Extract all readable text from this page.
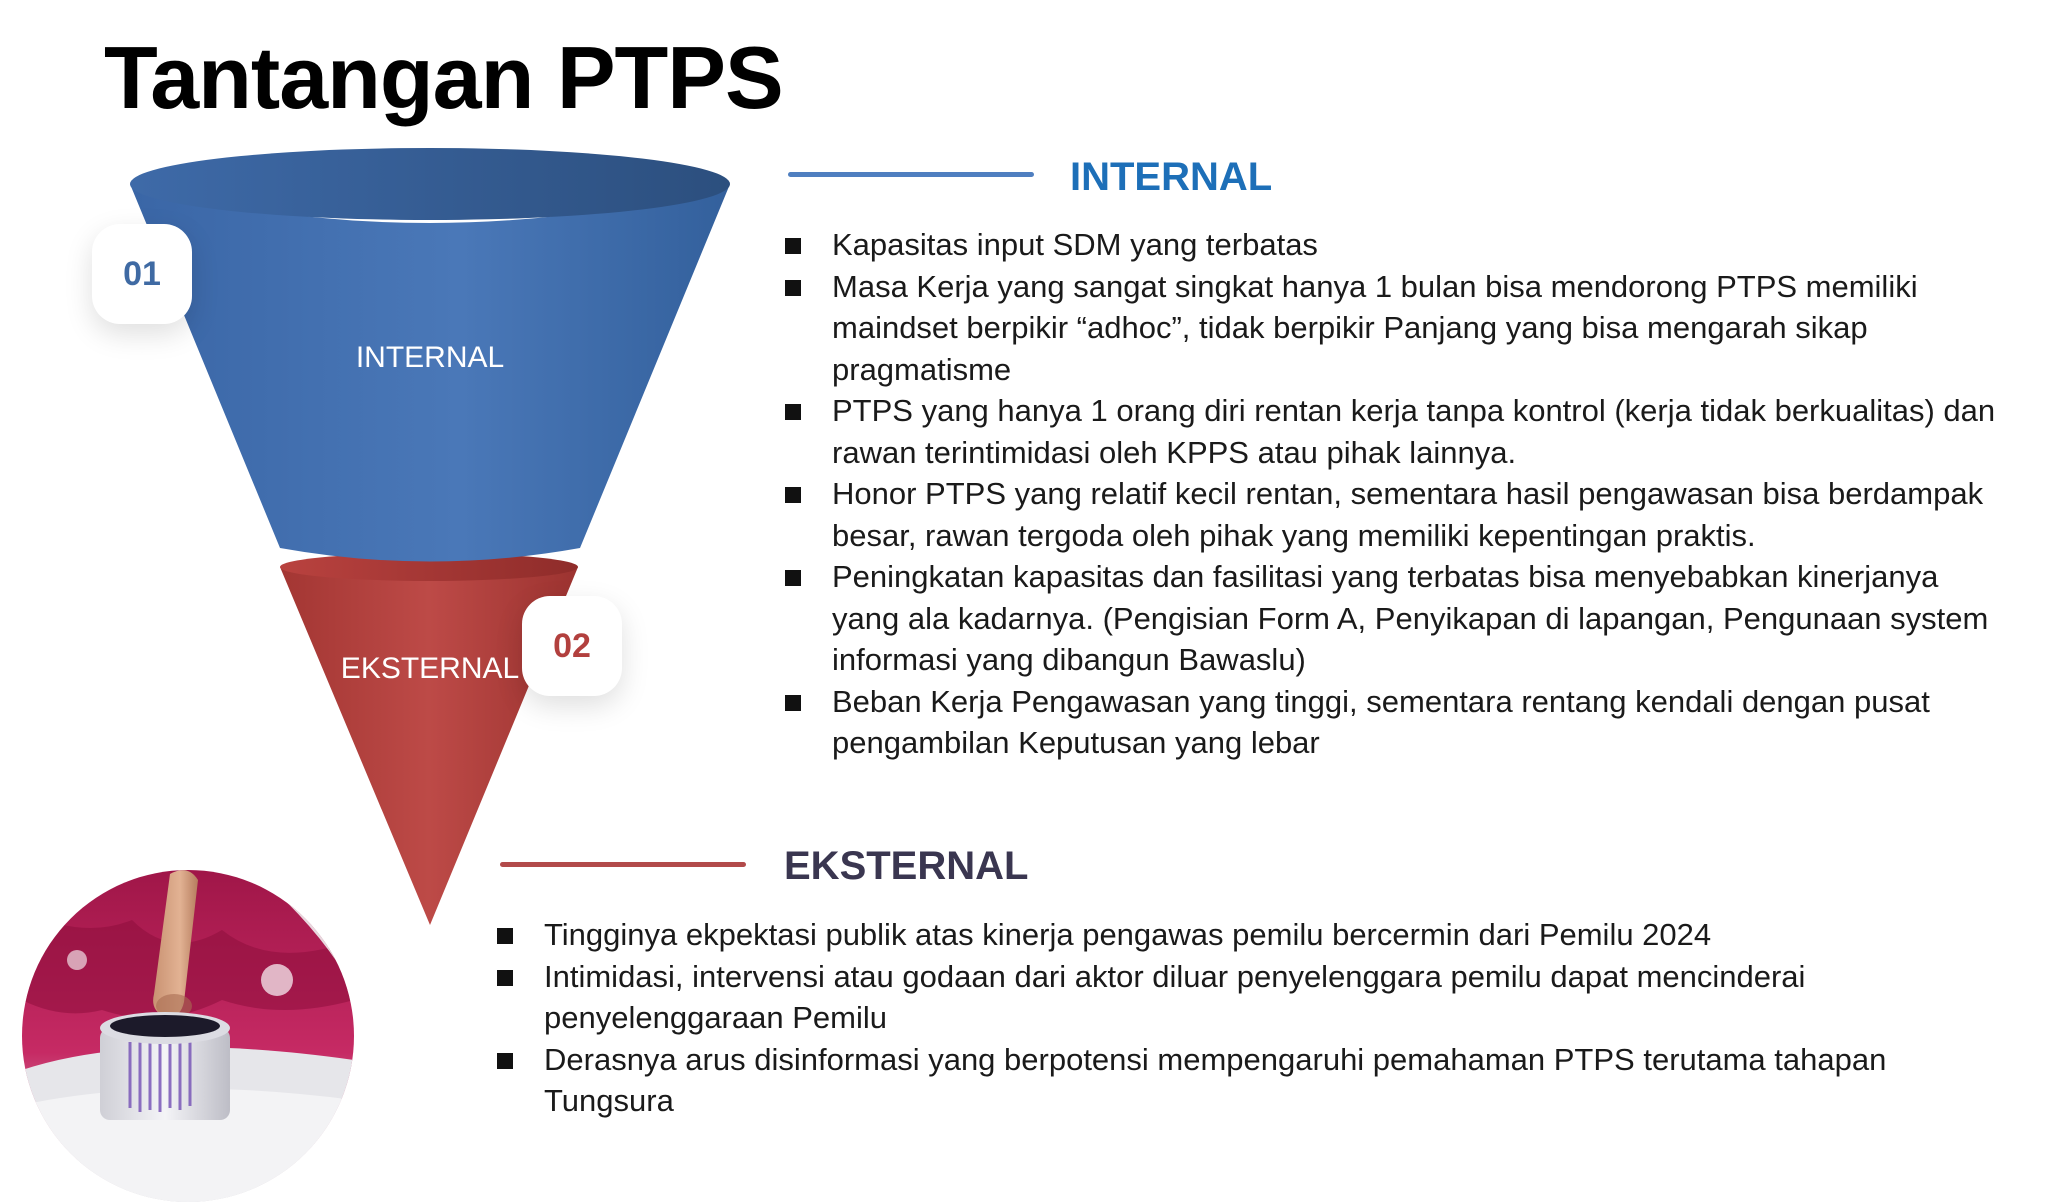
Tantangan PTPS
01
02
INTERNAL
EKSTERNAL
INTERNAL
Kapasitas input SDM yang terbatas
Masa Kerja yang sangat singkat hanya 1 bulan bisa mendorong PTPS memiliki maindset berpikir “adhoc”, tidak berpikir Panjang yang bisa mengarah sikap pragmatisme
PTPS yang hanya 1 orang diri rentan kerja tanpa kontrol (kerja tidak berkualitas) dan rawan terintimidasi oleh KPPS atau pihak lainnya.
Honor PTPS yang relatif kecil rentan, sementara hasil pengawasan bisa berdampak besar, rawan tergoda oleh pihak yang memiliki kepentingan praktis.
Peningkatan kapasitas dan fasilitasi yang terbatas bisa menyebabkan kinerjanya yang ala kadarnya. (Pengisian Form A, Penyikapan di lapangan, Pengunaan system informasi yang dibangun Bawaslu)
Beban Kerja Pengawasan yang tinggi, sementara rentang kendali dengan pusat pengambilan Keputusan yang lebar
EKSTERNAL
Tingginya ekpektasi publik atas kinerja pengawas pemilu bercermin dari Pemilu 2024
Intimidasi, intervensi atau godaan dari aktor diluar penyelenggara pemilu dapat mencinderai penyelenggaraan Pemilu
Derasnya arus disinformasi yang berpotensi mempengaruhi pemahaman PTPS terutama tahapan Tungsura
